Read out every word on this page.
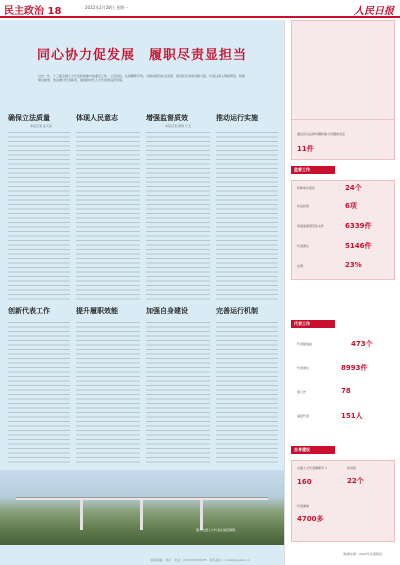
民主政治 18	2022年2月28日 星期一	人民日报
同心协力促发展　履职尽责显担当
过去一年，十三届全国人大代表积极参与常委会工作，立足岗位，认真履职尽责，为推动经济社会发展、促进民生改善贡献力量。代表们深入调查研究，积极建言献策，依法履行代表职责，展现新时代人大代表的良好风貌。
确保立法质量
本报记者 张天培
体现人民意志	增强监督质效
本报记者 徐隽 亓玉
推动运行实施
创新代表工作	提升履职效能	加强自身建设	完善运行机制
图为全国人大代表在基层调研。
通过有关法律问题和重大问题的决定
11件
监督工作
听取审议报告	24个
执法检查	6项
审查备案规范性文件	6339件
代表建议	5146件
比例	23%
代表工作
代表联络站	473个
代表建议	8993件
项工作	78
基层代表	151人
自身建设
全国人大代表履职学习
160
培训班
22个
代表参加
4700多
（数据来源：2022年全国两会）
版面编辑：贾沂　电话：(010)65363155　联系我们：rmrb@people.cn
